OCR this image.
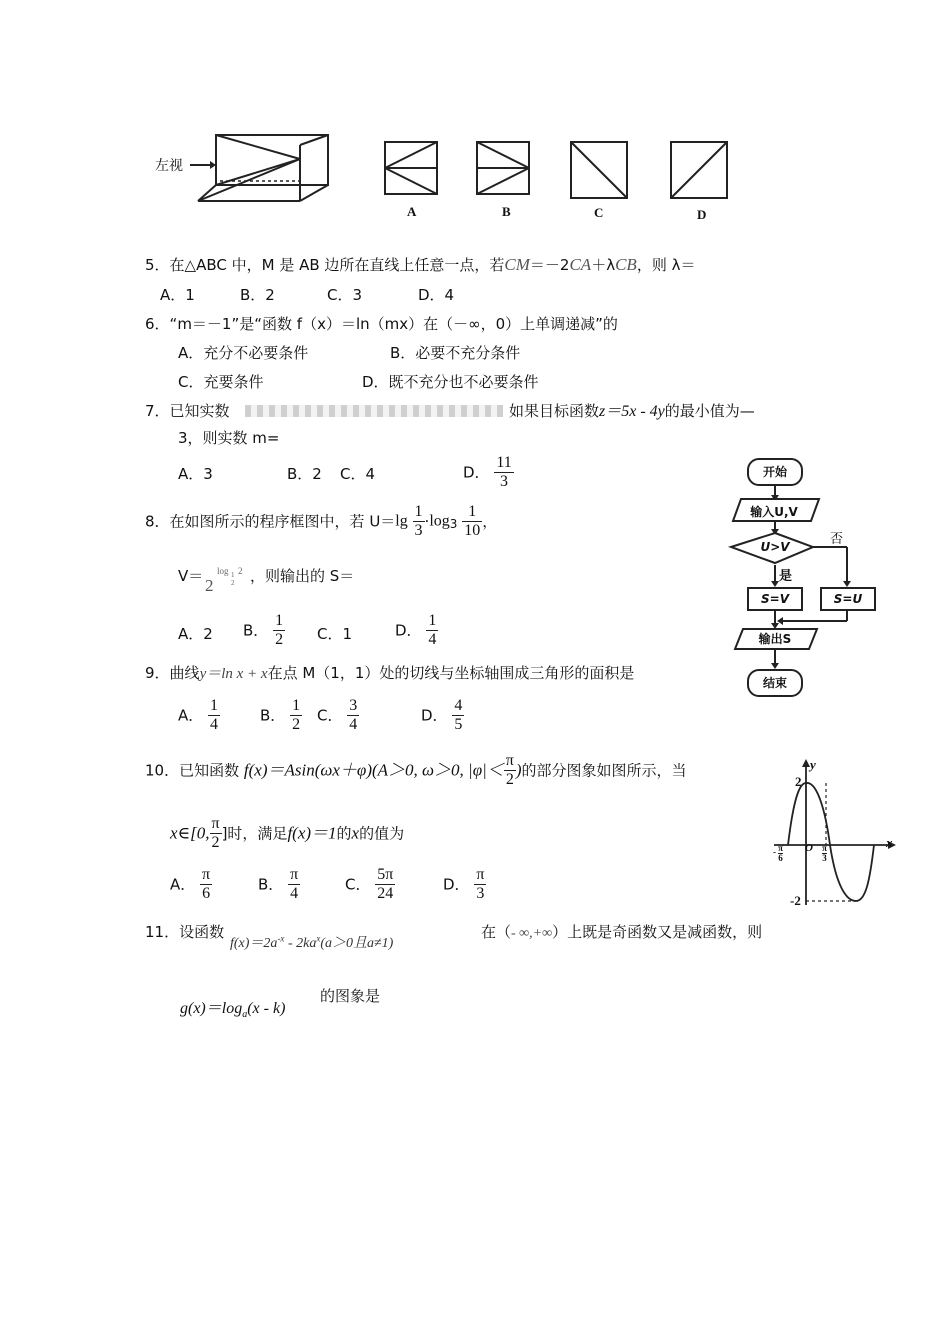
左视
A	B	C	D
5．在△ABC 中，M 是 AB 边所在直线上任意一点，若CM＝－2CA＋λCB，则 λ＝
A．1	B．2	C．3	D．4
6．“m＝－1”是“函数 f（x）＝ln（mx）在（－∞，0）上单调递减”的
A．充分不必要条件	B．必要不充分条件
C．充要条件	D．既不充分也不必要条件
7．已知实数	如果目标函数z＝5x - 4y的最小值为—
3，则实数 m=
A．3	B．2 C．4	D． $\frac{11}{3}$
8．在如图所示的程序框图中，若 $U=\lg \frac{1}{3} \cdot\log_3 \frac{1}{10}$ ，
V＝ 2
log 1
2
2 ，则输出的 S＝
A．2 B． $\frac{1}{2}$ C．1	D． $\frac{1}{4}$
开始
输入U,V
U>V	否
是
S=V	S=U
输出S
结束
9．曲线y＝ln x + x在点 M（1，1）处的切线与坐标轴围成三角形的面积是
A． $\frac{1}{4}$	B． $\frac{1}{2}$ C． $\frac{3}{4}$	D． $\frac{4}{5}$
10．已知函数 f(x)＝Asin(ωx＋φ)(A＞0, ω＞0, $|\varphi|< \frac{\pi}{2}$ )的部分图象如图所示，当
x∈[0, $\frac{\pi}{2}$ ]时，满足f(x)＝1的x的值为
A． $\frac{\pi}{6}$	B． $\frac{\pi}{4}$	C． $\frac{5\pi}{24}$	D． $\frac{\pi}{3}$
y
x
2
O
-2
- π
6
π
3
11．设函数
$f(x)=2a^{-x} - 2ka^x(a>0$且a≠1)
在（- ∞,+∞）上既是奇函数又是减函数，则
$g(x)=\log_a(x - k)$
的图象是
